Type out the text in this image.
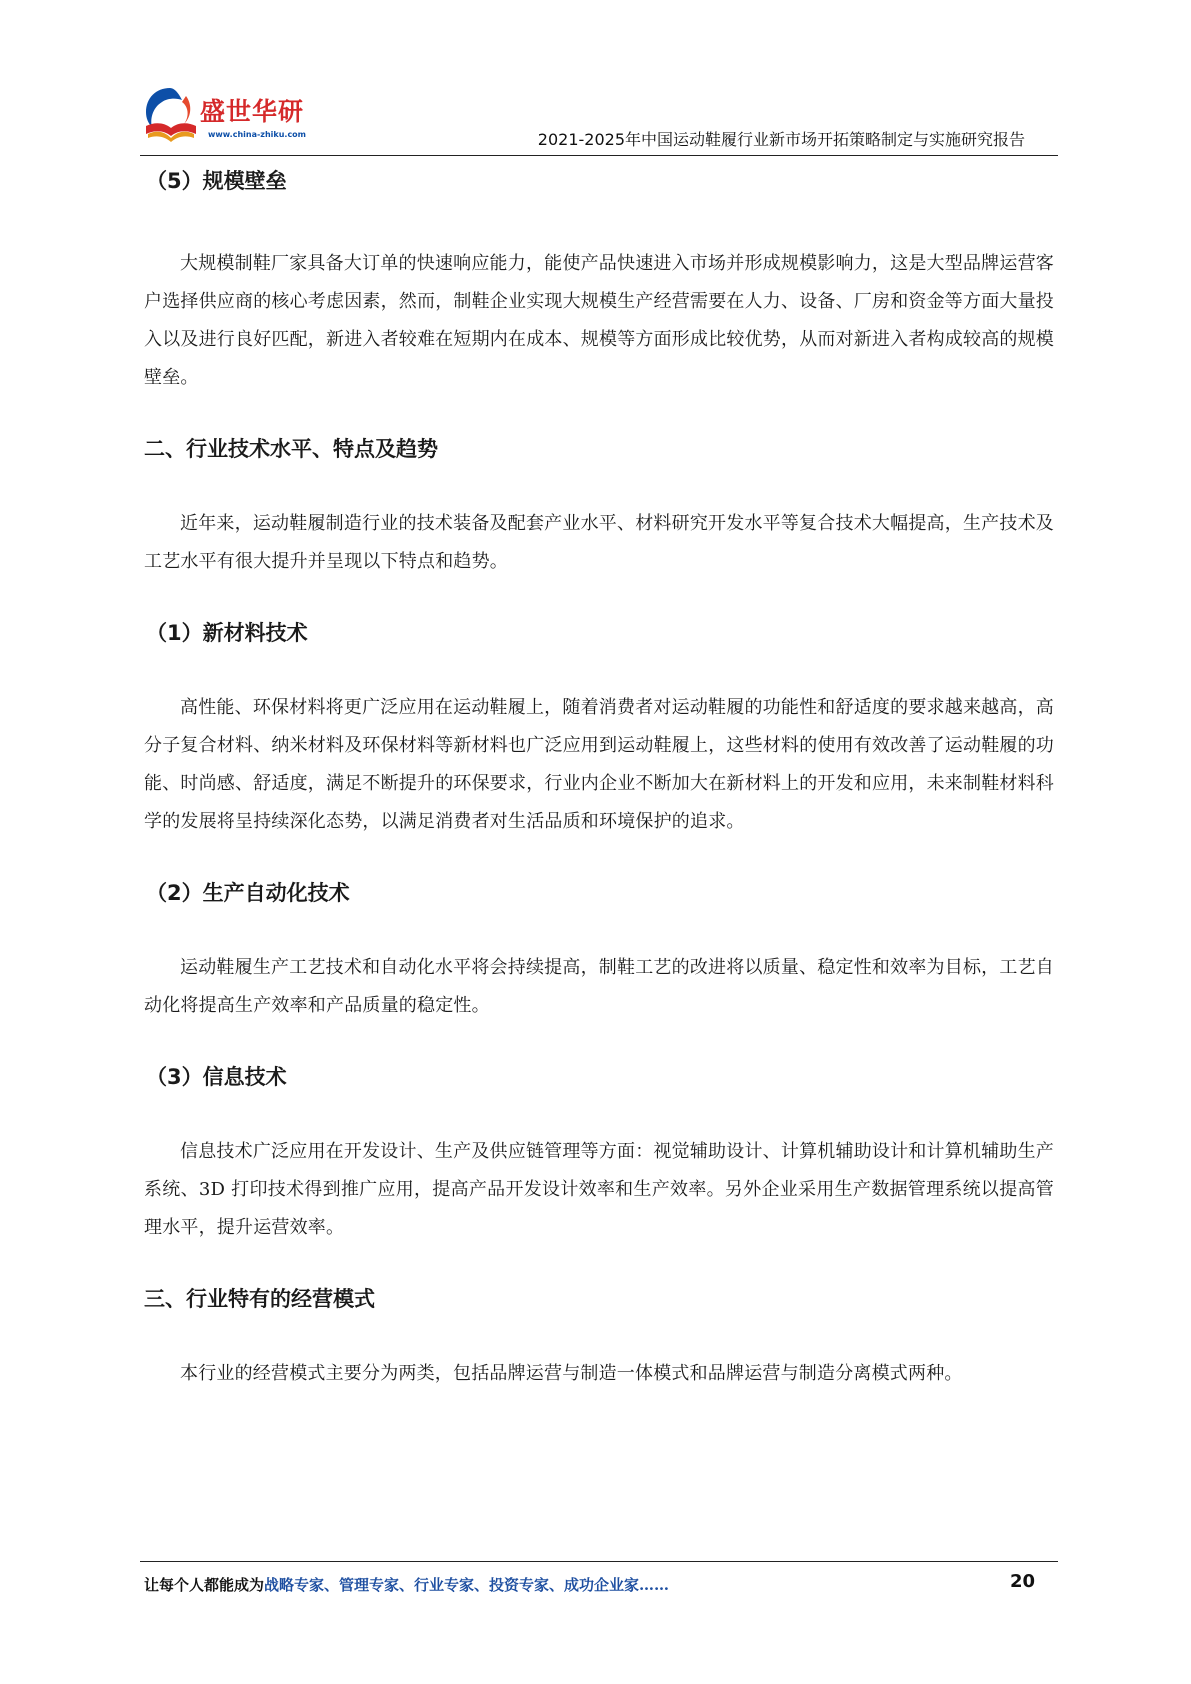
盛世华研
www.china-zhiku.com	2021-2025年中国运动鞋履行业新市场开拓策略制定与实施研究报告
（5）规模壁垒

大规模制鞋厂家具备大订单的快速响应能力，能使产品快速进入市场并形成规模影响力，这是大型品牌运营客户选择供应商的核心考虑因素，然而，制鞋企业实现大规模生产经营需要在人力、设备、厂房和资金等方面大量投入以及进行良好匹配，新进入者较难在短期内在成本、规模等方面形成比较优势，从而对新进入者构成较高的规模壁垒。

二、行业技术水平、特点及趋势

近年来，运动鞋履制造行业的技术装备及配套产业水平、材料研究开发水平等复合技术大幅提高，生产技术及工艺水平有很大提升并呈现以下特点和趋势。

（1）新材料技术

高性能、环保材料将更广泛应用在运动鞋履上，随着消费者对运动鞋履的功能性和舒适度的要求越来越高，高分子复合材料、纳米材料及环保材料等新材料也广泛应用到运动鞋履上，这些材料的使用有效改善了运动鞋履的功能、时尚感、舒适度，满足不断提升的环保要求，行业内企业不断加大在新材料上的开发和应用，未来制鞋材料科学的发展将呈持续深化态势，以满足消费者对生活品质和环境保护的追求。

（2）生产自动化技术

运动鞋履生产工艺技术和自动化水平将会持续提高，制鞋工艺的改进将以质量、稳定性和效率为目标，工艺自动化将提高生产效率和产品质量的稳定性。

（3）信息技术

信息技术广泛应用在开发设计、生产及供应链管理等方面：视觉辅助设计、计算机辅助设计和计算机辅助生产系统、3D 打印技术得到推广应用，提高产品开发设计效率和生产效率。另外企业采用生产数据管理系统以提高管理水平，提升运营效率。

三、行业特有的经营模式

本行业的经营模式主要分为两类，包括品牌运营与制造一体模式和品牌运营与制造分离模式两种。

让每个人都能成为战略专家、管理专家、行业专家、投资专家、成功企业家……	20
